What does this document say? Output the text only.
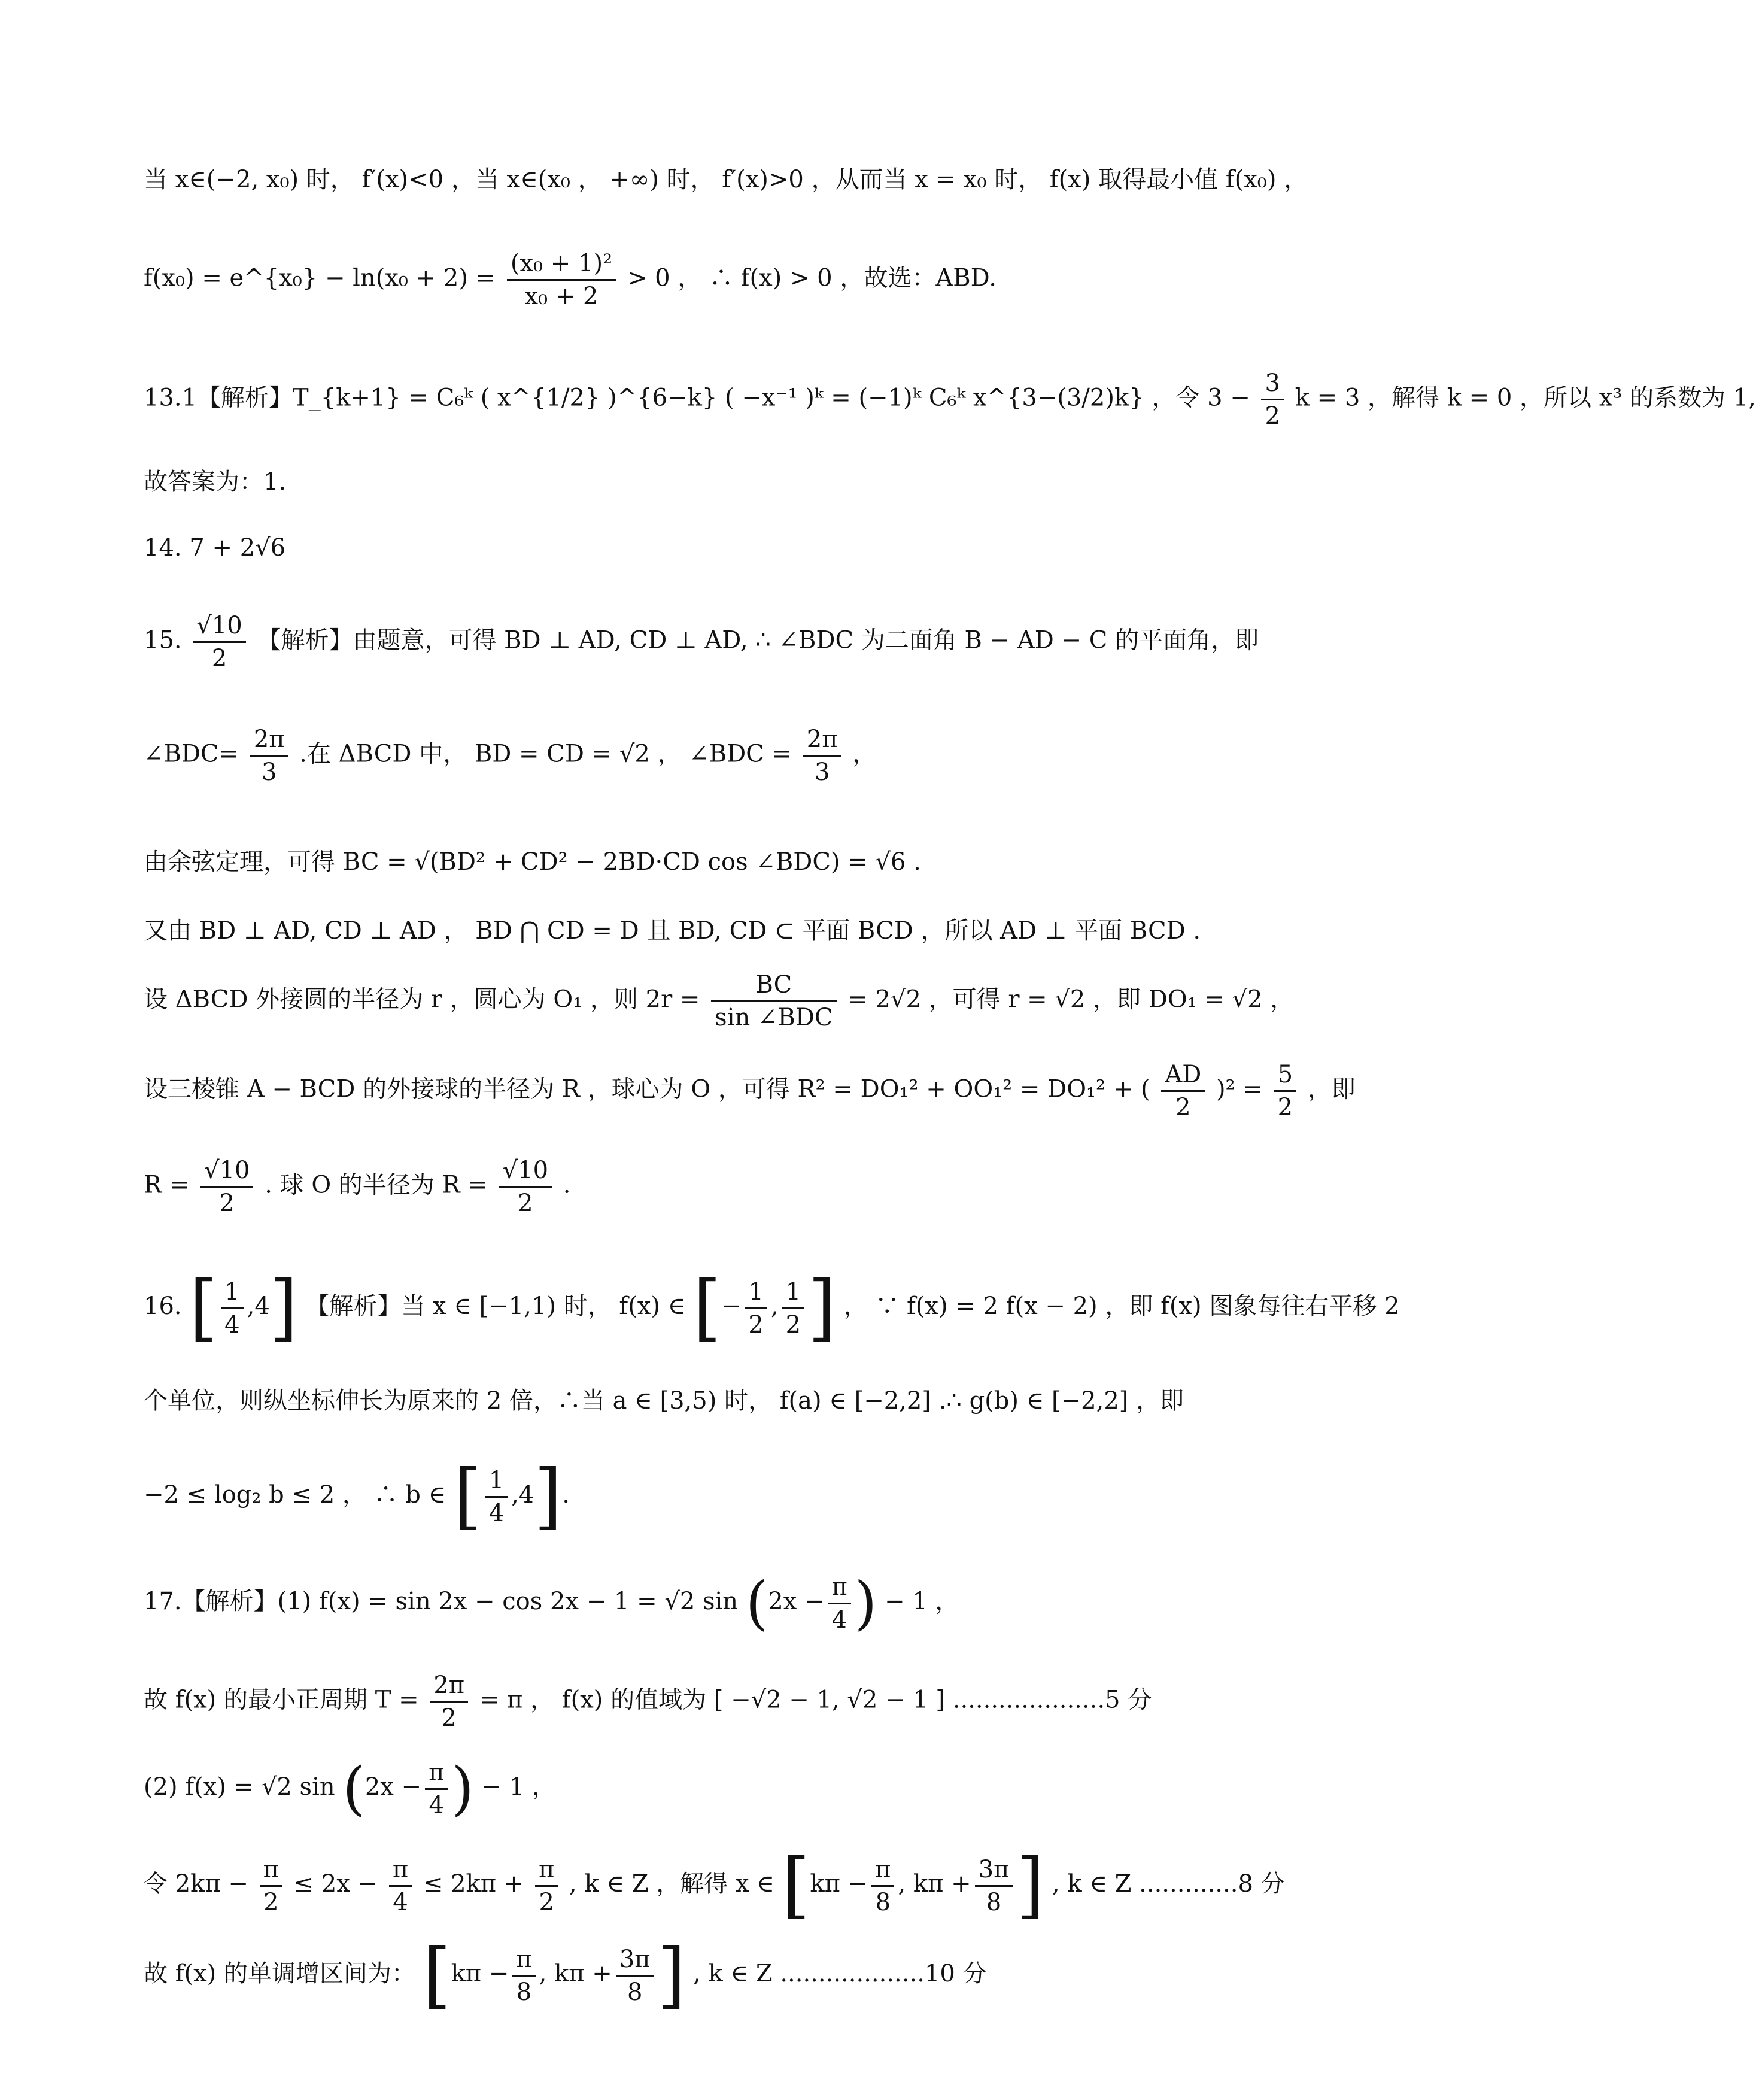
当 x∈(−2, x₀) 时， f′(x)<0 ，当 x∈(x₀ ， +∞) 时， f′(x)>0 ，从而当 x = x₀ 时， f(x) 取得最小值 f(x₀) ，
f(x₀) = e^{x₀} − $\ln(x_0 + 2) = \frac{\text{(x₀ + 1)²}}{\text{x₀ + 2}} > 0$ ， ∴ f(x) > 0 ，故选：ABD.
13.1【解析】T_{k+1} = C₆ᵏ ( x^{1/2} )^{6−k} ( −x⁻¹ )ᵏ = (−1)ᵏ C₆ᵏ x^{3−(3/2)k} ，令 $3 - \frac{3}{2}$ k = 3 ，解得 k = 0 ，所以 x³ 的系数为 1,
故答案为：1.
14. 7 + 2√6
15. $\frac{√10}{2}$ 【解析】由题意，可得 BD ⊥ AD, CD ⊥ AD, ∴ ∠BDC 为二面角 B − AD − C 的平面角，即
∠BDC= $\frac{2\pi}{3}$ .在 ΔBCD 中， BD = CD = √2 ， ∠BDC = $\frac{2\pi}{3}$ ，
由余弦定理，可得 BC = √(BD² + CD² − 2BD·CD cos ∠BDC) = √6 .
又由 BD ⊥ AD, CD ⊥ AD ， BD ⋂ CD = D 且 BD, CD ⊂ 平面 BCD ，所以 AD ⊥ 平面 BCD .
设 ΔBCD 外接圆的半径为 r ，圆心为 O₁ ，则 $2r = \frac{BC}{\text{sin ∠BDC}} = 2√2$ ，可得 r = √2 ，即 DO₁ = √2 ，
设三棱锥 A − BCD 的外接球的半径为 R ，球心为 O ，可得 R² = DO₁² + OO₁² = DO₁² + ( $\frac{AD}{2} )^2 = \frac{5}{2}$ ，即
$R = \frac{√10}{2}$ . 球 O 的半径为 $R = \frac{√10}{2}$ .
16. [ $\frac{1}{4} ,4$] 【解析】当 x ∈ [−1,1) 时， f(x) ∈ [− $\frac{1}{2}$ , $\frac{1}{2}$ ] ， ∵ f(x) = 2 f(x − 2) ，即 f(x) 图象每往右平移 2
个单位，则纵坐标伸长为原来的 2 倍，∴当 a ∈ [3,5) 时， f(a) ∈ [−2,2] .∴ g(b) ∈ [−2,2] ，即
−2 ≤ log₂ b ≤ 2 ， ∴ b ∈ [ $\frac{1}{4} ,4$].
17.【解析】(1) f(x) = sin 2x − cos 2x − 1 = √2 $\sin (2x - \frac{\pi}{4}$ ) − 1 ，
故 f(x) 的最小正周期 $T = \frac{2\pi}{2} = \pi$ ， f(x) 的值域为 [ −√2 − 1, √2 − 1 ] ....................5 分
(2) f(x) = √2 $\sin (2x - \frac{\pi}{4}$ ) − 1 ，
令 $2k\pi - \frac{\pi}{2} \le 2x - \frac{\pi}{4} \le 2k\pi + \frac{\pi}{2}$ , k ∈ Z ，解得 x ∈ [$k\pi - \frac{\pi}{8}$ , $k\pi + \frac{3\pi}{8}$ ] , k ∈ Z .............8 分
故 f(x) 的单调增区间为： [$k\pi - \frac{\pi}{8}$ , $k\pi + \frac{3\pi}{8}$ ] , k ∈ Z ...................10 分
